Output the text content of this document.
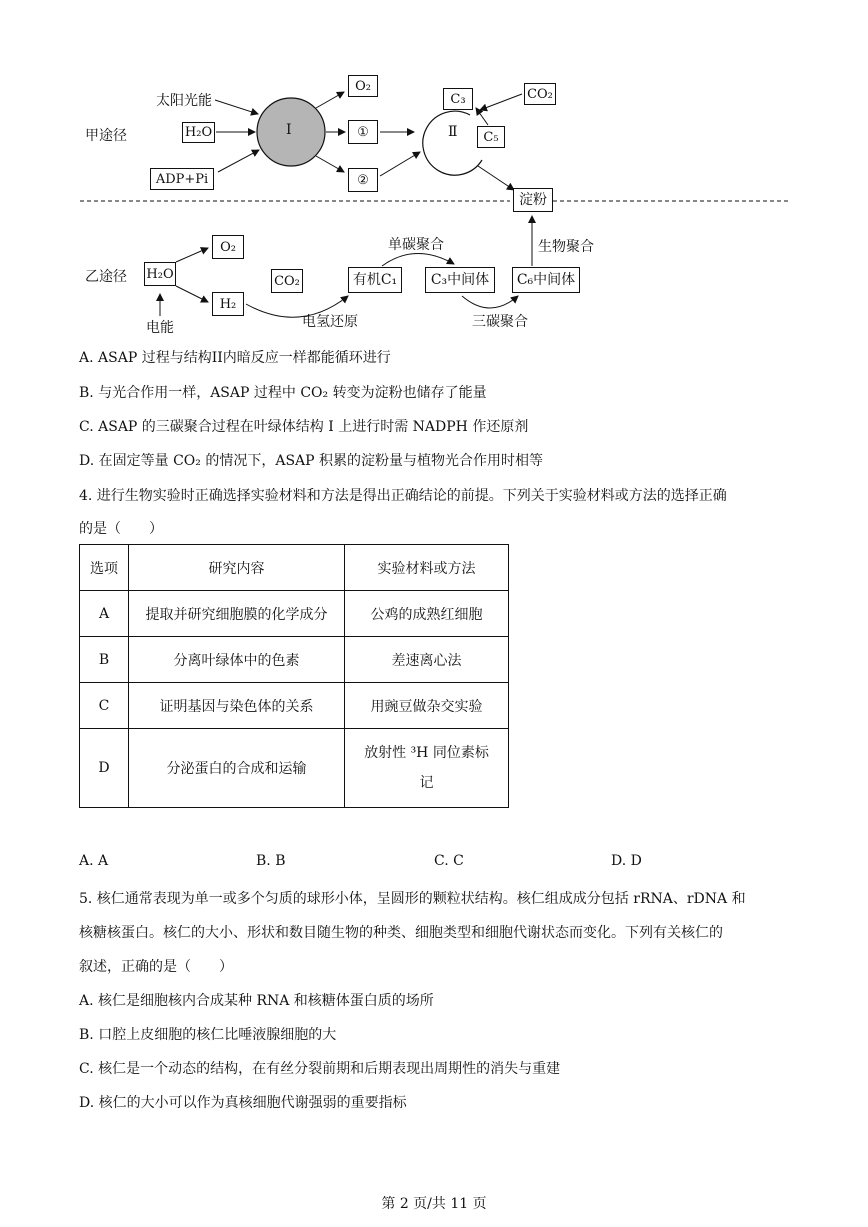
甲途径
乙途径
太阳光能
H₂O
ADP+Pi
I
O₂
①
②
Ⅱ
C₃
C₅
CO₂
淀粉
H₂O
O₂
H₂
电能
CO₂	有机C₁	C₃中间体	C₆中间体
单碳聚合
三碳聚合
生物聚合
电氢还原
A. ASAP 过程与结构II内暗反应一样都能循环进行
B. 与光合作用一样，ASAP 过程中 CO₂ 转变为淀粉也储存了能量
C. ASAP 的三碳聚合过程在叶绿体结构 I 上进行时需 NADPH 作还原剂
D. 在固定等量 CO₂ 的情况下，ASAP 积累的淀粉量与植物光合作用时相等
4. 进行生物实验时正确选择实验材料和方法是得出正确结论的前提。下列关于实验材料或方法的选择正确
的是（　　）
选项	研究内容	实验材料或方法
A	提取并研究细胞膜的化学成分	公鸡的成熟红细胞
B	分离叶绿体中的色素	差速离心法
C	证明基因与染色体的关系	用豌豆做杂交实验
D	分泌蛋白的合成和运输	放射性 ³H 同位素标
记
A. A	B. B	C. C	D. D
5. 核仁通常表现为单一或多个匀质的球形小体，呈圆形的颗粒状结构。核仁组成成分包括 rRNA、rDNA 和
核糖核蛋白。核仁的大小、形状和数目随生物的种类、细胞类型和细胞代谢状态而变化。下列有关核仁的
叙述，正确的是（　　）
A. 核仁是细胞核内合成某种 RNA 和核糖体蛋白质的场所
B. 口腔上皮细胞的核仁比唾液腺细胞的大
C. 核仁是一个动态的结构，在有丝分裂前期和后期表现出周期性的消失与重建
D. 核仁的大小可以作为真核细胞代谢强弱的重要指标
第 2 页/共 11 页
